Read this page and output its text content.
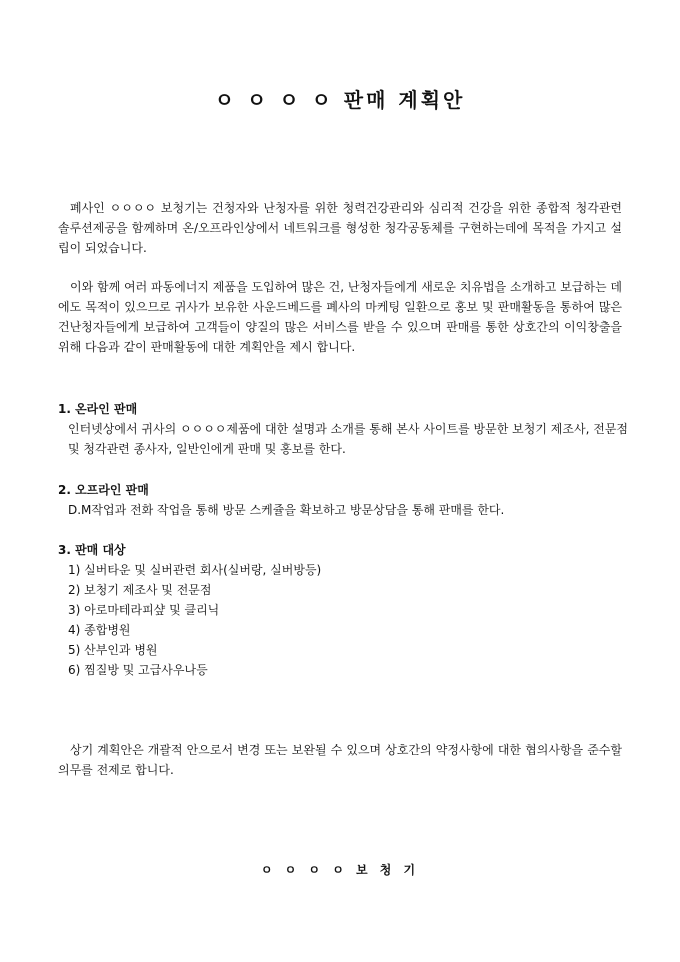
ㅇ ㅇ ㅇ ㅇ 판매 계획안

폐사인 ㅇㅇㅇㅇ 보청기는 건청자와 난청자를 위한 청력건강관리와 심리적 건강을 위한 종합적 청각관련 솔루션제공을 함께하며 온/오프라인상에서 네트워크를 형성한 청각공동체를 구현하는데에 목적을 가지고 설립이 되었습니다.

이와 함께 여러 파동에너지 제품을 도입하여 많은 건, 난청자들에게 새로운 치유법을 소개하고 보급하는 데에도 목적이 있으므로 귀사가 보유한 사운드베드를 폐사의 마케팅 일환으로 홍보 및 판매활동을 통하여 많은 건난청자들에게 보급하여 고객들이 양질의 많은 서비스를 받을 수 있으며 판매를 통한 상호간의 이익창출을 위해 다음과 같이 판매활동에 대한 계획안을 제시 합니다.

1. 온라인 판매

인터넷상에서 귀사의 ㅇㅇㅇㅇ제품에 대한 설명과 소개를 통해 본사 사이트를 방문한 보청기 제조사, 전문점 및 청각관련 종사자, 일반인에게 판매 및 홍보를 한다.

2. 오프라인 판매

D.M작업과 전화 작업을 통해 방문 스케쥴을 확보하고 방문상담을 통해 판매를 한다.

3. 판매 대상
1) 실버타운 및 실버관련 회사(실버랑, 실버방등)
2) 보청기 제조사 및 전문점
3) 아로마테라피샾 및 클리닉
4) 종합병원
5) 산부인과 병원
6) 찜질방 및 고급사우나등

상기 계획안은 개괄적 안으로서 변경 또는 보완될 수 있으며 상호간의 약정사항에 대한 협의사항을 준수할 의무를 전제로 합니다.

ㅇ ㅇ ㅇ ㅇ 보 청 기
